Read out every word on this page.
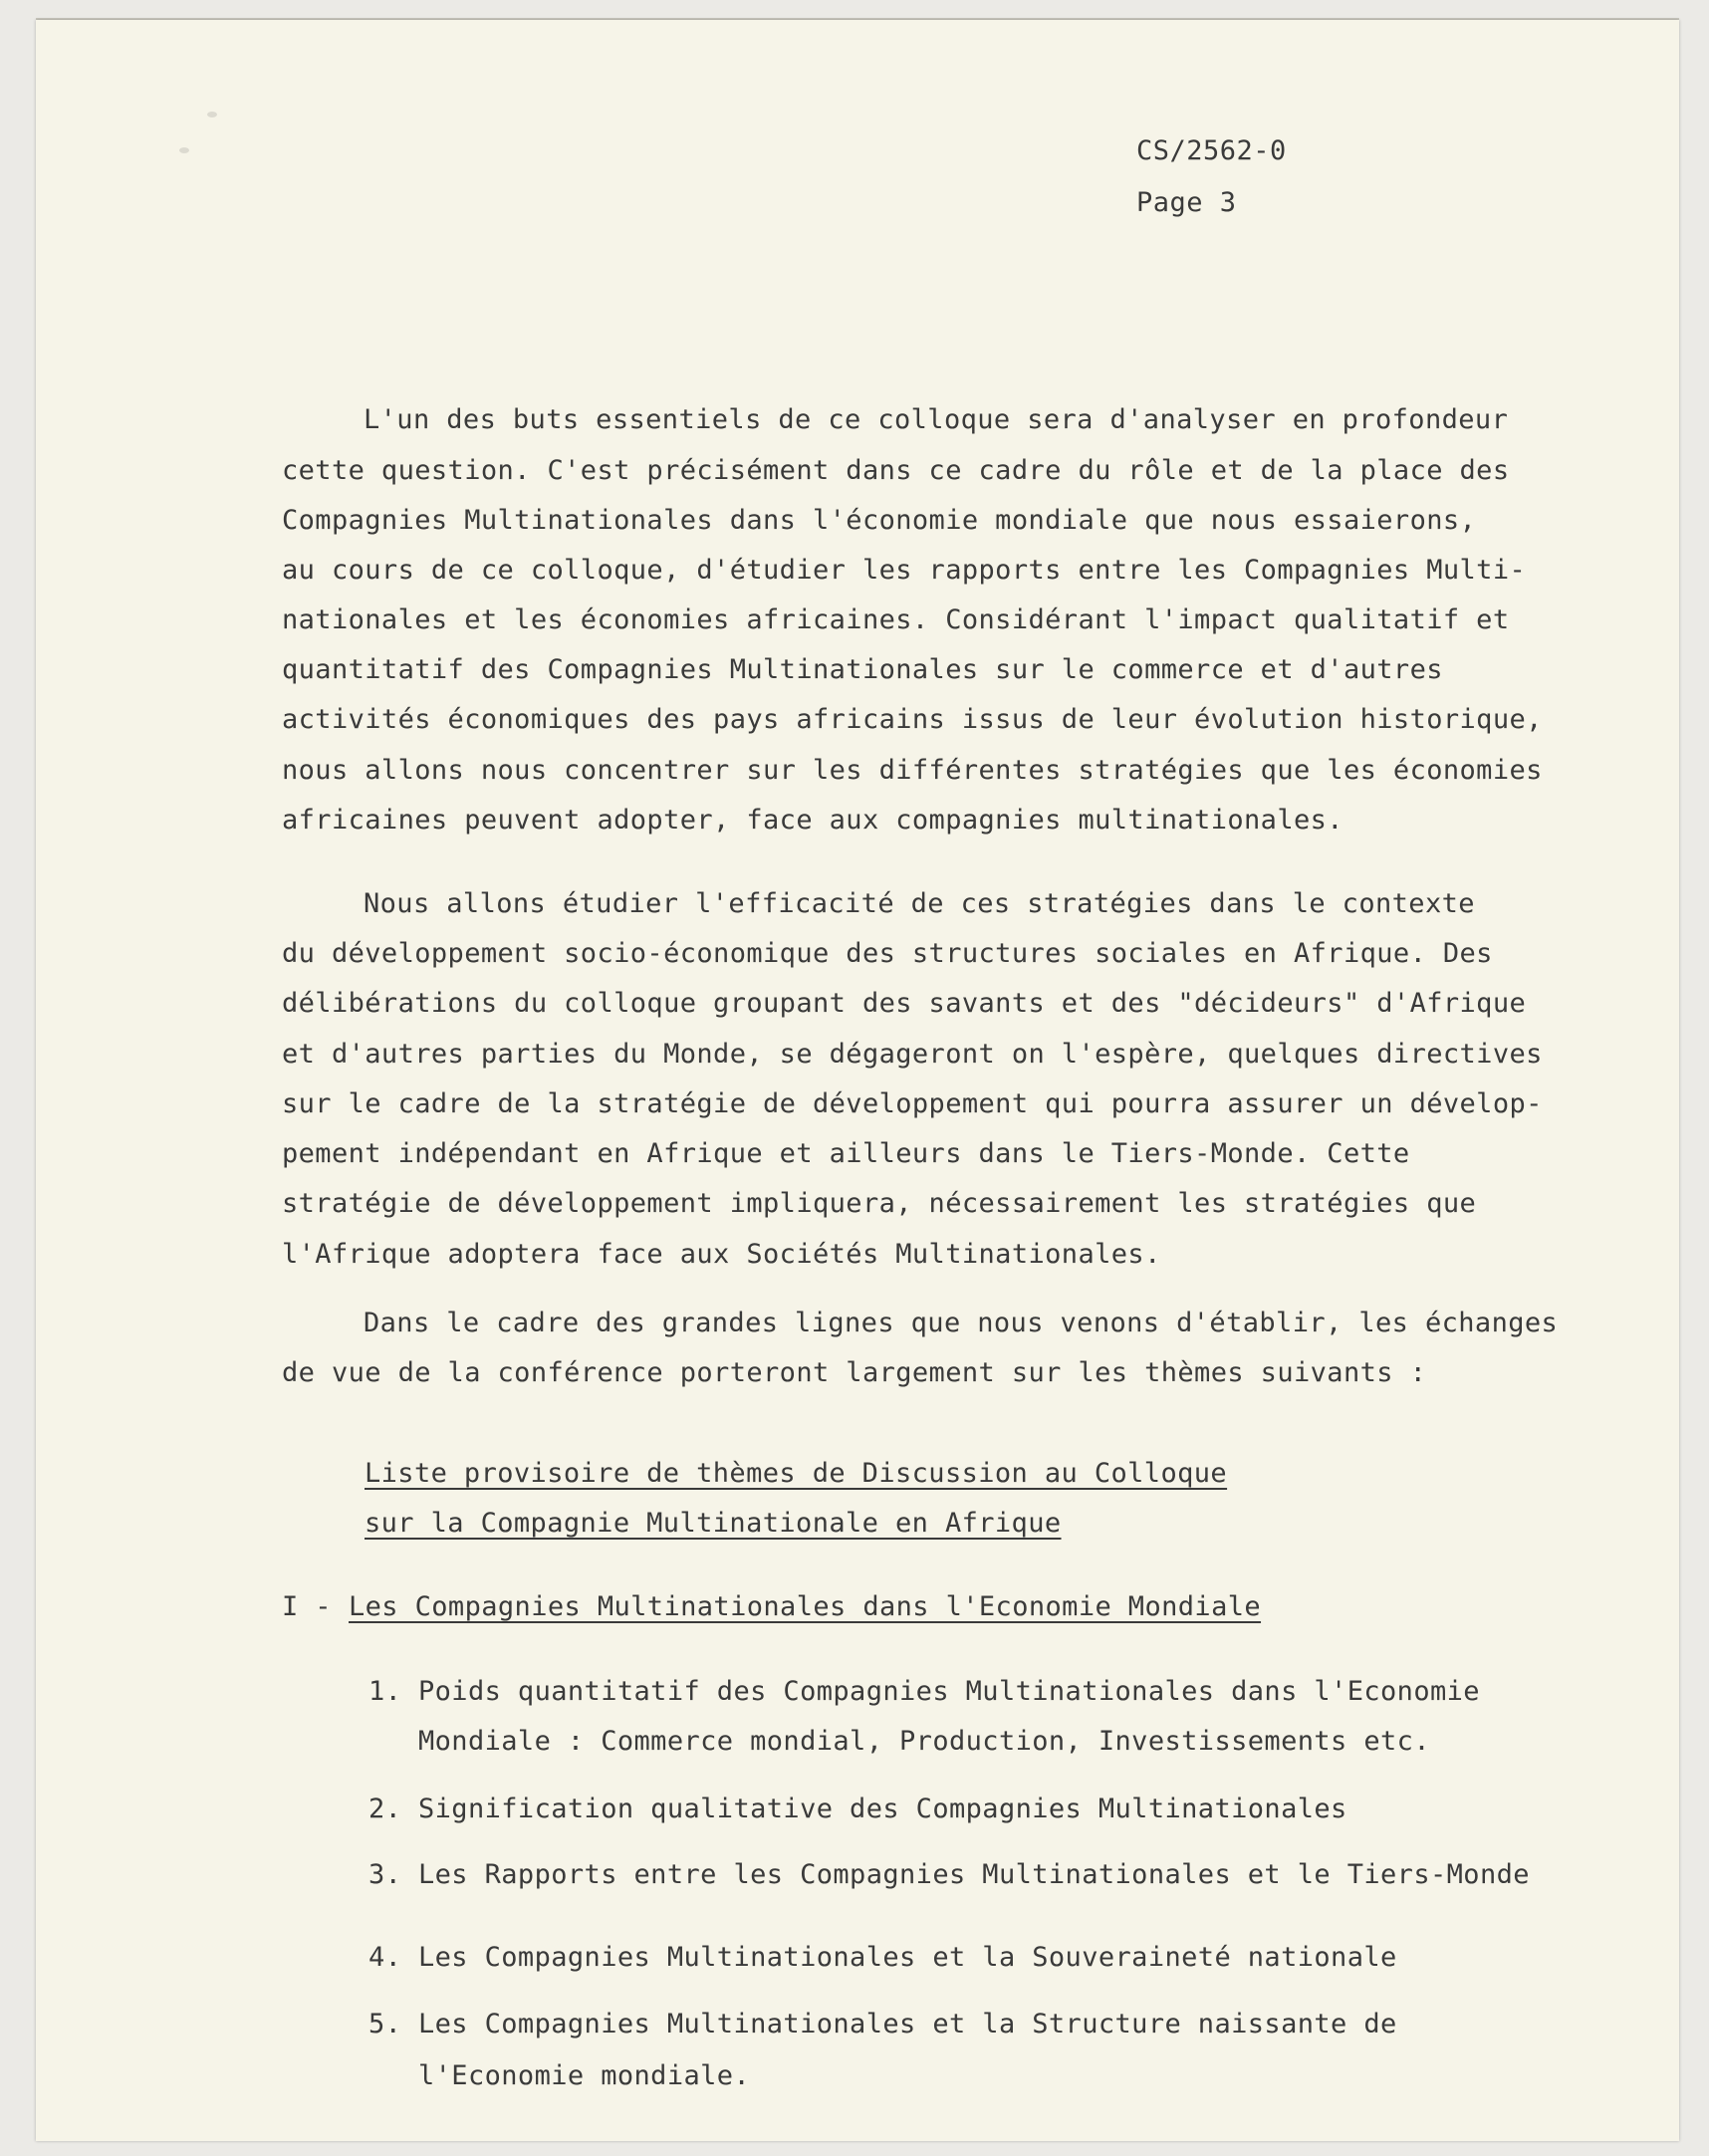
CS/2562-0
Page 3
L'un des buts essentiels de ce colloque sera d'analyser en profondeur
cette question. C'est précisément dans ce cadre du rôle et de la place des
Compagnies Multinationales dans l'économie mondiale que nous essaierons,
au cours de ce colloque, d'étudier les rapports entre les Compagnies Multi-
nationales et les économies africaines. Considérant l'impact qualitatif et
quantitatif des Compagnies Multinationales sur le commerce et d'autres
activités économiques des pays africains issus de leur évolution historique,
nous allons nous concentrer sur les différentes stratégies que les économies
africaines peuvent adopter, face aux compagnies multinationales.
Nous allons étudier l'efficacité de ces stratégies dans le contexte
du développement socio-économique des structures sociales en Afrique. Des
délibérations du colloque groupant des savants et des "décideurs" d'Afrique
et d'autres parties du Monde, se dégageront on l'espère, quelques directives
sur le cadre de la stratégie de développement qui pourra assurer un dévelop-
pement indépendant en Afrique et ailleurs dans le Tiers-Monde. Cette
stratégie de développement impliquera, nécessairement les stratégies que
l'Afrique adoptera face aux Sociétés Multinationales.
Dans le cadre des grandes lignes que nous venons d'établir, les échanges
de vue de la conférence porteront largement sur les thèmes suivants :
Liste provisoire de thèmes de Discussion au Colloque
sur la Compagnie Multinationale en Afrique
I - Les Compagnies Multinationales dans l'Economie Mondiale
1. Poids quantitatif des Compagnies Multinationales dans l'Economie
Mondiale : Commerce mondial, Production, Investissements etc.
2. Signification qualitative des Compagnies Multinationales
3. Les Rapports entre les Compagnies Multinationales et le Tiers-Monde
4. Les Compagnies Multinationales et la Souveraineté nationale
5. Les Compagnies Multinationales et la Structure naissante de
l'Economie mondiale.
